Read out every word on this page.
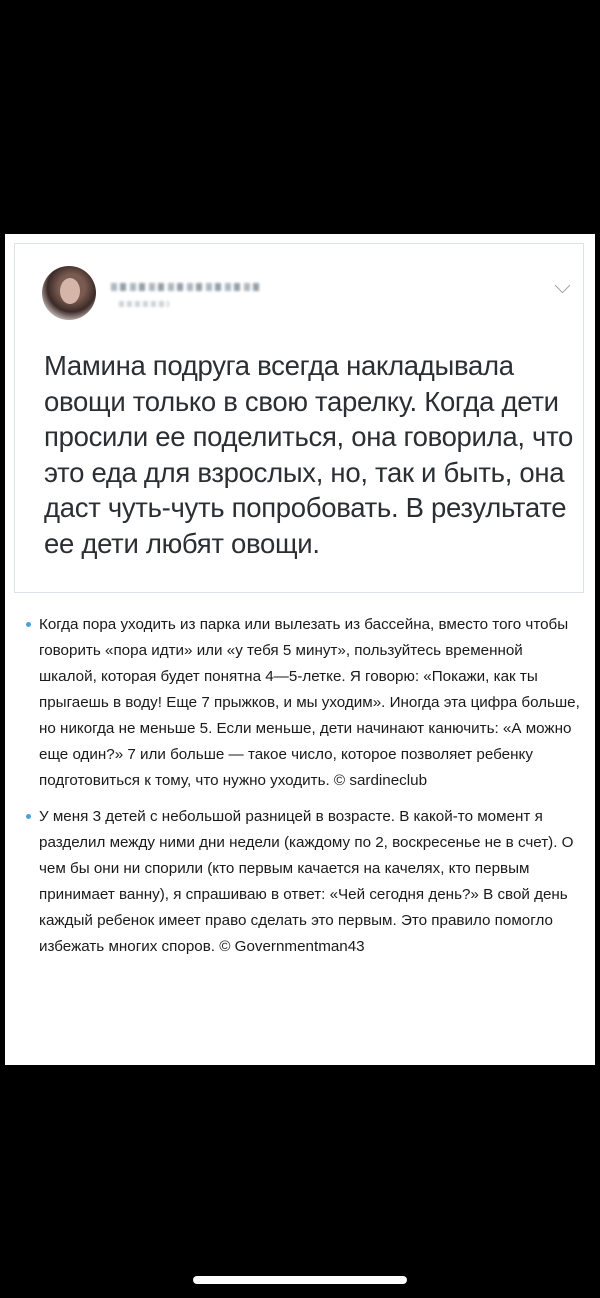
Мамина подруга всегда накладывала овощи только в свою тарелку. Когда дети просили ее поделиться, она говорила, что это еда для взрослых, но, так и быть, она даст чуть-чуть попробовать. В результате ее дети любят овощи.

Когда пора уходить из парка или вылезать из бассейна, вместо того чтобы говорить «пора идти» или «у тебя 5 минут», пользуйтесь временной шкалой, которая будет понятна 4—5-летке. Я говорю: «Покажи, как ты прыгаешь в воду! Еще 7 прыжков, и мы уходим». Иногда эта цифра больше, но никогда не меньше 5. Если меньше, дети начинают канючить: «А можно еще один?» 7 или больше — такое число, которое позволяет ребенку подготовиться к тому, что нужно уходить. © sardineclub
У меня 3 детей с небольшой разницей в возрасте. В какой-то момент я разделил между ними дни недели (каждому по 2, воскресенье не в счет). О чем бы они ни спорили (кто первым качается на качелях, кто первым принимает ванну), я спрашиваю в ответ: «Чей сегодня день?» В свой день каждый ребенок имеет право сделать это первым. Это правило помогло избежать многих споров. © Governmentman43
